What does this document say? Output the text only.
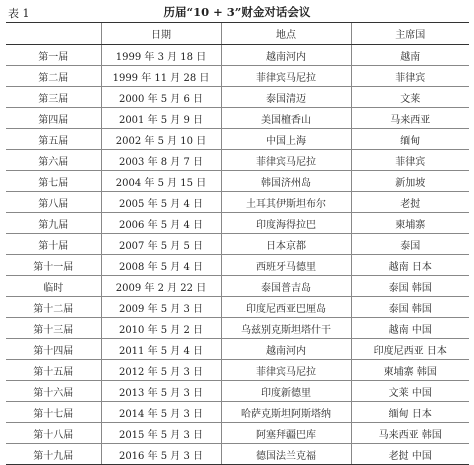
表 1	历届“10 + 3”财金对话会议
	日期	地点	主席国
第一届	1999 年 3 月 18 日	越南河内	越南
第二届	1999 年 11 月 28 日	菲律宾马尼拉	菲律宾
第三届	2000 年 5 月 6 日	泰国清迈	文莱
第四届	2001 年 5 月 9 日	美国檀香山	马来西亚
第五届	2002 年 5 月 10 日	中国上海	缅甸
第六届	2003 年 8 月 7 日	菲律宾马尼拉	菲律宾
第七届	2004 年 5 月 15 日	韩国济州岛	新加坡
第八届	2005 年 5 月 4 日	土耳其伊斯坦布尔	老挝
第九届	2006 年 5 月 4 日	印度海得拉巴	柬埔寨
第十届	2007 年 5 月 5 日	日本京都	泰国
第十一届	2008 年 5 月 4 日	西班牙马德里	越南 日本
临时	2009 年 2 月 22 日	泰国普吉岛	泰国 韩国
第十二届	2009 年 5 月 3 日	印度尼西亚巴厘岛	泰国 韩国
第十三届	2010 年 5 月 2 日	乌兹别克斯坦塔什干	越南 中国
第十四届	2011 年 5 月 4 日	越南河内	印度尼西亚 日本
第十五届	2012 年 5 月 3 日	菲律宾马尼拉	柬埔寨 韩国
第十六届	2013 年 5 月 3 日	印度新德里	文莱 中国
第十七届	2014 年 5 月 3 日	哈萨克斯坦阿斯塔纳	缅甸 日本
第十八届	2015 年 5 月 3 日	阿塞拜疆巴库	马来西亚 韩国
第十九届	2016 年 5 月 3 日	德国法兰克福	老挝 中国
